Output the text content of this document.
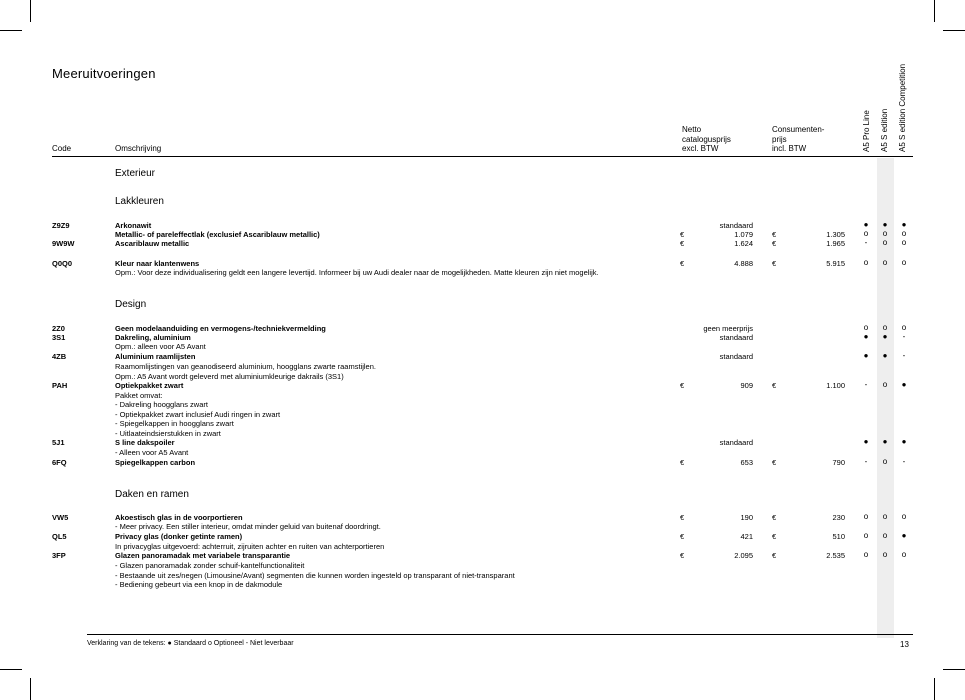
Meeruitvoeringen
Code	Omschrijving
Netto
catalogusprijs
excl. BTW
Consumenten-
prijs
incl. BTW	A5 Pro Line A5 S edition A5 S edition Competition
Exterieur
Lakkleuren
Z9Z9	Arkonawit	standaard	●	●	●
Metallic- of pareleffectlak (exclusief Ascariblauw metallic)	€	1.079	€	1.305	o	o	o
9W9W	Ascariblauw metallic	€	1.624	€	1.965	-	o	o
Q0Q0	Kleur naar klantenwens	€	4.888	€	5.915	o	o	o
Opm.: Voor deze individualisering geldt een langere levertijd. Informeer bij uw Audi dealer naar de mogelijkheden. Matte kleuren zijn niet mogelijk.
Design
2Z0	Geen modelaanduiding en vermogens-/techniekvermelding	geen meerprijs	o	o	o
3S1	Dakreling, aluminium	standaard	●	●	-
Opm.: alleen voor A5 Avant
4ZB	Aluminium raamlijsten	standaard	●	●	-
Raamomlijstingen van geanodiseerd aluminium, hoogglans zwarte raamstijlen.
Opm.: A5 Avant wordt geleverd met aluminiumkleurige dakrails (3S1)
PAH	Optiekpakket zwart	€	909	€	1.100	-	o	●
Pakket omvat:
- Dakreling hoogglans zwart
- Optiekpakket zwart inclusief Audi ringen in zwart
- Spiegelkappen in hoogglans zwart
- Uitlaateindsierstukken in zwart
5J1	S line dakspoiler	standaard	●	●	●
- Alleen voor A5 Avant
6FQ	Spiegelkappen carbon	€	653	€	790	-	o	-
Daken en ramen
VW5	Akoestisch glas in de voorportieren	€	190	€	230	o	o	o
- Meer privacy. Een stiller interieur, omdat minder geluid van buitenaf doordringt.
QL5	Privacy glas (donker getinte ramen)	€	421	€	510	o	o	●
In privacyglas uitgevoerd: achterruit, zijruiten achter en ruiten van achterportieren
3FP	Glazen panoramadak met variabele transparantie	€	2.095	€	2.535	o	o	o
- Glazen panoramadak zonder schuif-kantelfunctionaliteit
- Bestaande uit zes/negen (Limousine/Avant) segmenten die kunnen worden ingesteld op transparant of niet-transparant
- Bediening gebeurt via een knop in de dakmodule
Verklaring van de tekens: ● Standaard o Optioneel - Niet leverbaar	13
